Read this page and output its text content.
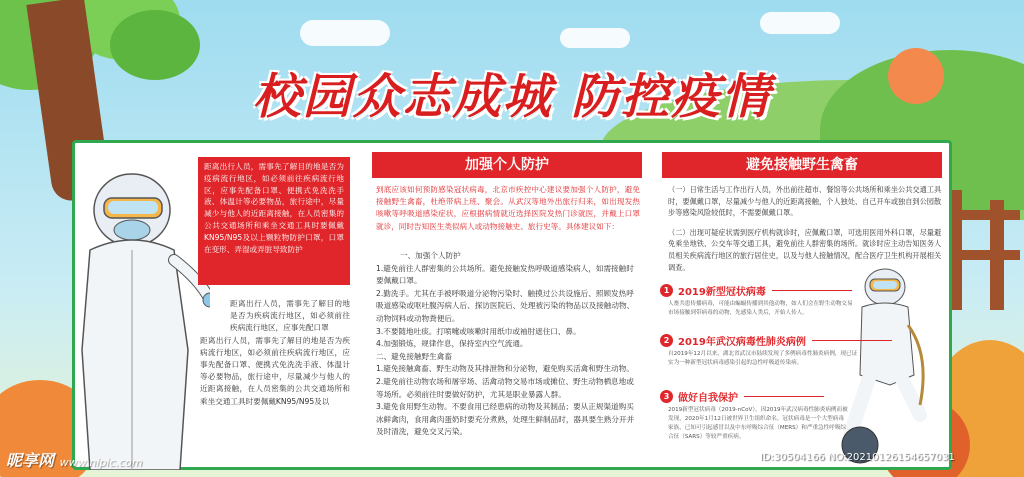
校园众志成城 防控疫情
距离出行人员，需事先了解目的地是否为疫病流行地区，如必须前往疾病流行地区，应事先配备口罩、便携式免洗洗手液、体温计等必要物品，旅行途中，尽量减少与他人的近距离接触，在人员密集的公共交通场所和乘坐交通工具时要佩戴KN95/N95及以上颗粒物防护口罩，口罩在变形、弄湿或弄脏导致防护
距离出行人员，需事先了解目的地是否为疾病流行地区，如必须前往疾病流行地区，应事先配口罩
距离出行人员，需事先了解目的地是否为疾病流行地区，如必须前往疾病流行地区，应事先配备口罩、便携式免洗洗手液、体温计等必要物品，旅行途中，尽量减少与他人的近距离接触，在人员密集的公共交通场所和乘坐交通工具时要佩戴KN95/N95及以
加强个人防护
到底应该如何预防感染冠状病毒，北京市疾控中心建议要加强个人防护，避免接触野生禽畜，杜绝带病上班、聚会。从武汉等地外出旅行归来，如出现发热咳嗽等呼吸道感染症状，应根据病情就近选择医院发热门诊就医，并戴上口罩就诊，同时告知医生类似病人或动物接触史、旅行史等。具体建议如下：

一、加强个人防护

1.避免前往人群密集的公共场所。避免接触发热呼吸道感染病人，如需接触时要佩戴口罩。

2.勤洗手。尤其在手被呼吸道分泌物污染时、触摸过公共设施后、照顾发热呼吸道感染或呕吐腹泻病人后、探访医院后、处理被污染的物品以及接触动物、动物饲料或动物粪便后。

3.不要随地吐痰。打喷嚏或咳嗽时用纸巾或袖肘遮住口、鼻。

4.加强锻炼，规律作息，保持室内空气流通。

二、避免接触野生禽畜

1.避免接触禽畜、野生动物及其排泄物和分泌物，避免购买活禽和野生动物。

2.避免前往动物农场和屠宰场、活禽动物交易市场或摊位、野生动物栖息地或等场所。必须前往时要做好防护，尤其是职业暴露人群。

3.避免食用野生动物。不要食用已经患病的动物及其制品；要从正规渠道购买冰鲜禽肉，食用禽肉蛋奶时要充分煮熟，处理生鲜制品时，器具要生熟分开并及时清洗，避免交叉污染。

避免接触野生禽畜

（一）日常生活与工作出行人员，外出前往超市、餐馆等公共场所和乘坐公共交通工具时，要佩戴口罩，尽量减少与他人的近距离接触，个人独处、自己开车或独自到公园散步等感染风险较低时，不需要佩戴口罩。

（二）出现可疑症状需到医疗机构就诊时，应佩戴口罩，可选用医用外科口罩，尽量避免乘坐地铁、公交车等交通工具，避免前往人群密集的场所。就诊时应主动告知医务人员相关疾病流行地区的旅行居住史，以及与他人接触情况，配合医疗卫生机构开展相关调查。

1 2019新型冠状病毒
人畜共患传播病毒，可能由蝙蝠传播到其他动物，如人们会在野生动物交易市场接触到带病毒的动物，先感染人类后，开始人传人。
2 2019年武汉病毒性肺炎病例
自2019年12月以来，湖北省武汉市陆续发现了多例病毒性肺炎病例，现已证实为一种新型冠状病毒感染引起的急性呼吸道传染病。
3 做好自我保护
2019新型冠状病毒（2019-nCoV），因2019年武汉病毒性肺炎病例而被发现，2020年1月12日被世界卫生组织命名。冠状病毒是一个大型病毒家族，已知可引起感冒以及中东呼吸综合征（MERS）和严重急性呼吸综合征（SARS）等较严重疾病。
昵享网 www.nipic.com	ID:30504166 NO:20210126154657031
